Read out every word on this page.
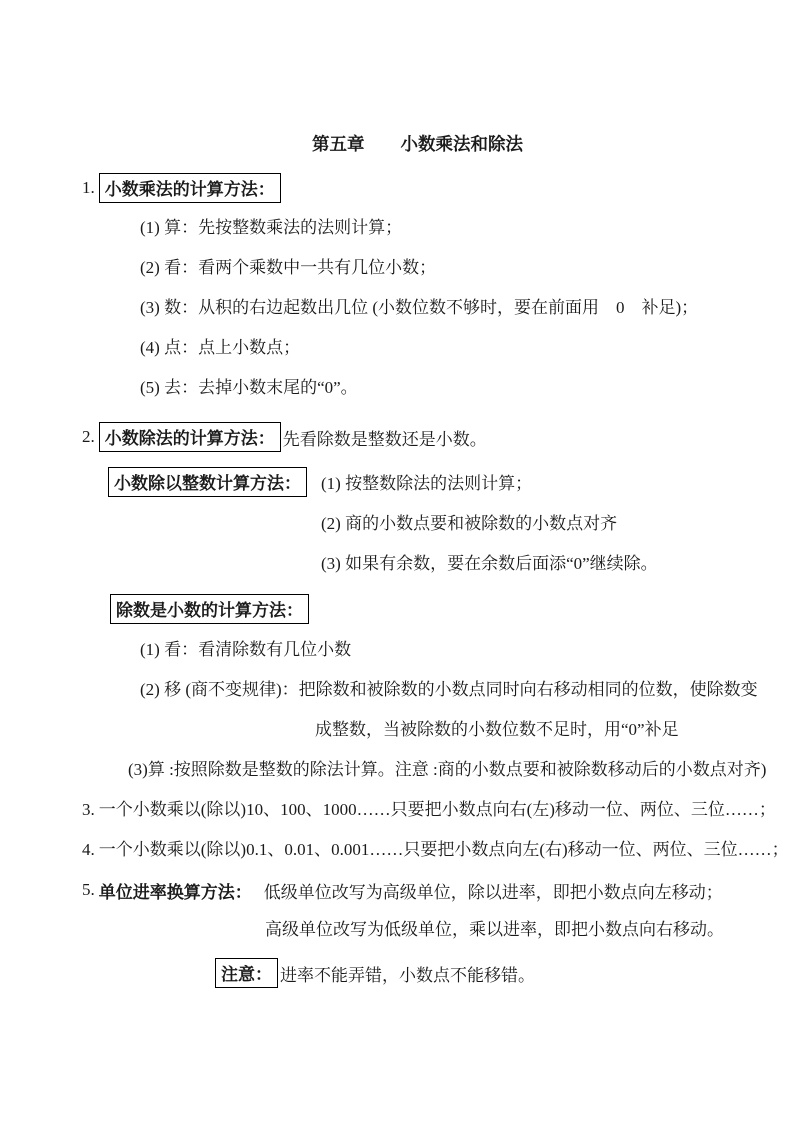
第五章 小数乘法和除法
1. 小数乘法的计算方法：
(1) 算：先按整数乘法的法则计算；
(2) 看：看两个乘数中一共有几位小数；
(3) 数：从积的右边起数出几位 (小数位数不够时，要在前面用　0　补足)；
(4) 点：点上小数点；
(5) 去：去掉小数末尾的“0”。
2. 小数除法的计算方法： 先看除数是整数还是小数。
小数除以整数计算方法：	(1) 按整数除法的法则计算；
(2) 商的小数点要和被除数的小数点对齐
(3) 如果有余数，要在余数后面添“0”继续除。
除数是小数的计算方法：
(1) 看：看清除数有几位小数
(2) 移 (商不变规律)：把除数和被除数的小数点同时向右移动相同的位数，使除数变
成整数，当被除数的小数位数不足时，用“0”补足
(3)算 :按照除数是整数的除法计算。注意 :商的小数点要和被除数移动后的小数点对齐)
3. 一个小数乘以(除以)10、100、1000……只要把小数点向右(左)移动一位、两位、三位……；
4. 一个小数乘以(除以)0.1、0.01、0.001……只要把小数点向左(右)移动一位、两位、三位……；
5. 单位进率换算方法： 低级单位改写为高级单位，除以进率，即把小数点向左移动；
高级单位改写为低级单位，乘以进率，即把小数点向右移动。
注意： 进率不能弄错，小数点不能移错。
